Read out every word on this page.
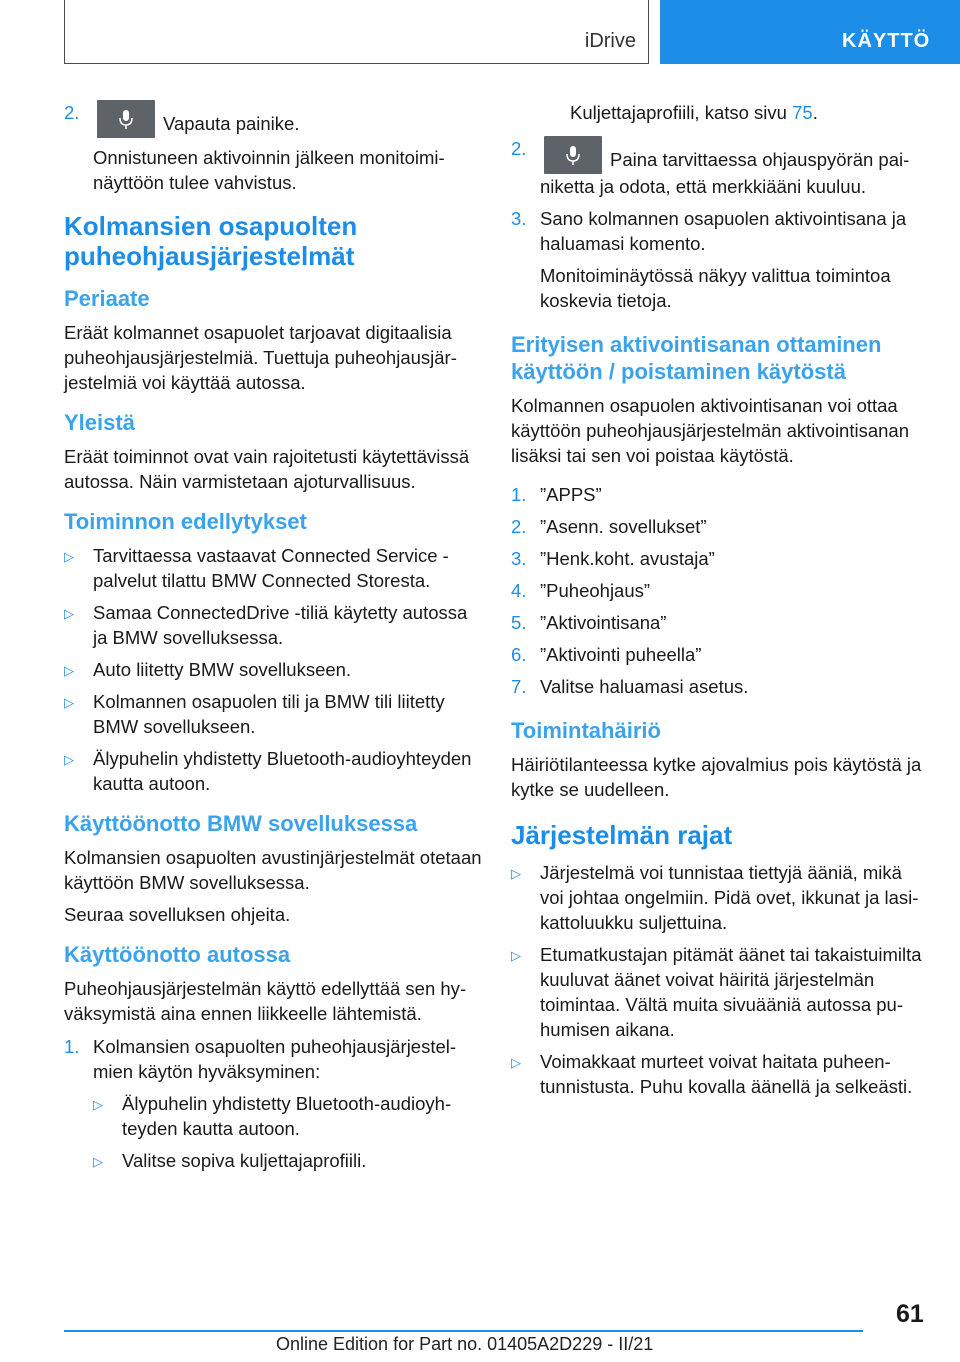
iDrive	KÄYTTÖ
2.

Vapauta painike.

Onnistuneen aktivoinnin jälkeen monitoiminäyttöön tulee vahvistus.

Kolmansien osapuolten puheohjausjärjestelmät
Periaate

Eräät kolmannet osapuolet tarjoavat digitaalisia puheohjausjärjestelmiä. Tuettuja puheohjausjärjestelmiä voi käyttää autossa.

Yleistä

Eräät toiminnot ovat vain rajoitetusti käytettävissä autossa. Näin varmistetaan ajoturvallisuus.

Toiminnon edellytykset
▷ Tarvittaessa vastaavat Connected Service -palvelut tilattu BMW Connected Storesta.
▷ Samaa ConnectedDrive -tiliä käytetty autossa ja BMW sovelluksessa.
▷ Auto liitetty BMW sovellukseen.
▷ Kolmannen osapuolen tili ja BMW tili liitetty BMW sovellukseen.
▷ Älypuhelin yhdistetty Bluetooth-audioyhteyden kautta autoon.
Käyttöönotto BMW sovelluksessa

Kolmansien osapuolten avustinjärjestelmät otetaan käyttöön BMW sovelluksessa.

Seuraa sovelluksen ohjeita.

Käyttöönotto autossa

Puheohjausjärjestelmän käyttö edellyttää sen hyväksymistä aina ennen liikkeelle lähtemistä.

1. Kolmansien osapuolten puheohjausjärjestelmien käytön hyväksyminen:

▷ Älypuhelin yhdistetty Bluetooth-audioyhteyden kautta autoon.
▷ Valitse sopiva kuljettajaprofiili.

Kuljettajaprofiili, katso sivu 75.

2.

Paina tarvittaessa ohjauspyörän painiketta ja odota, että merkkiääni kuuluu.

3. Sano kolmannen osapuolen aktivointisana ja haluamasi komento.

Monitoiminäytössä näkyy valittua toimintoa koskevia tietoja.

Erityisen aktivointisanan ottaminen käyttöön / poistaminen käytöstä

Kolmannen osapuolen aktivointisanan voi ottaa käyttöön puheohjausjärjestelmän aktivointisanan lisäksi tai sen voi poistaa käytöstä.

1. ”APPS”
2. ”Asenn. sovellukset”
3. ”Henk.koht. avustaja”
4. ”Puheohjaus”
5. ”Aktivointisana”
6. ”Aktivointi puheella”
7. Valitse haluamasi asetus.
Toimintahäiriö

Häiriötilanteessa kytke ajovalmius pois käytöstä ja kytke se uudelleen.

Järjestelmän rajat
▷ Järjestelmä voi tunnistaa tiettyjä ääniä, mikä voi johtaa ongelmiin. Pidä ovet, ikkunat ja lasikattoluukku suljettuina.
▷ Etumatkustajan pitämät äänet tai takaistuimilta kuuluvat äänet voivat häiritä järjestelmän toimintaa. Vältä muita sivuääniä autossa puhumisen aikana.
▷ Voimakkaat murteet voivat haitata puheentunnistusta. Puhu kovalla äänellä ja selkeästi.
61
Online Edition for Part no. 01405A2D229 - II/21
